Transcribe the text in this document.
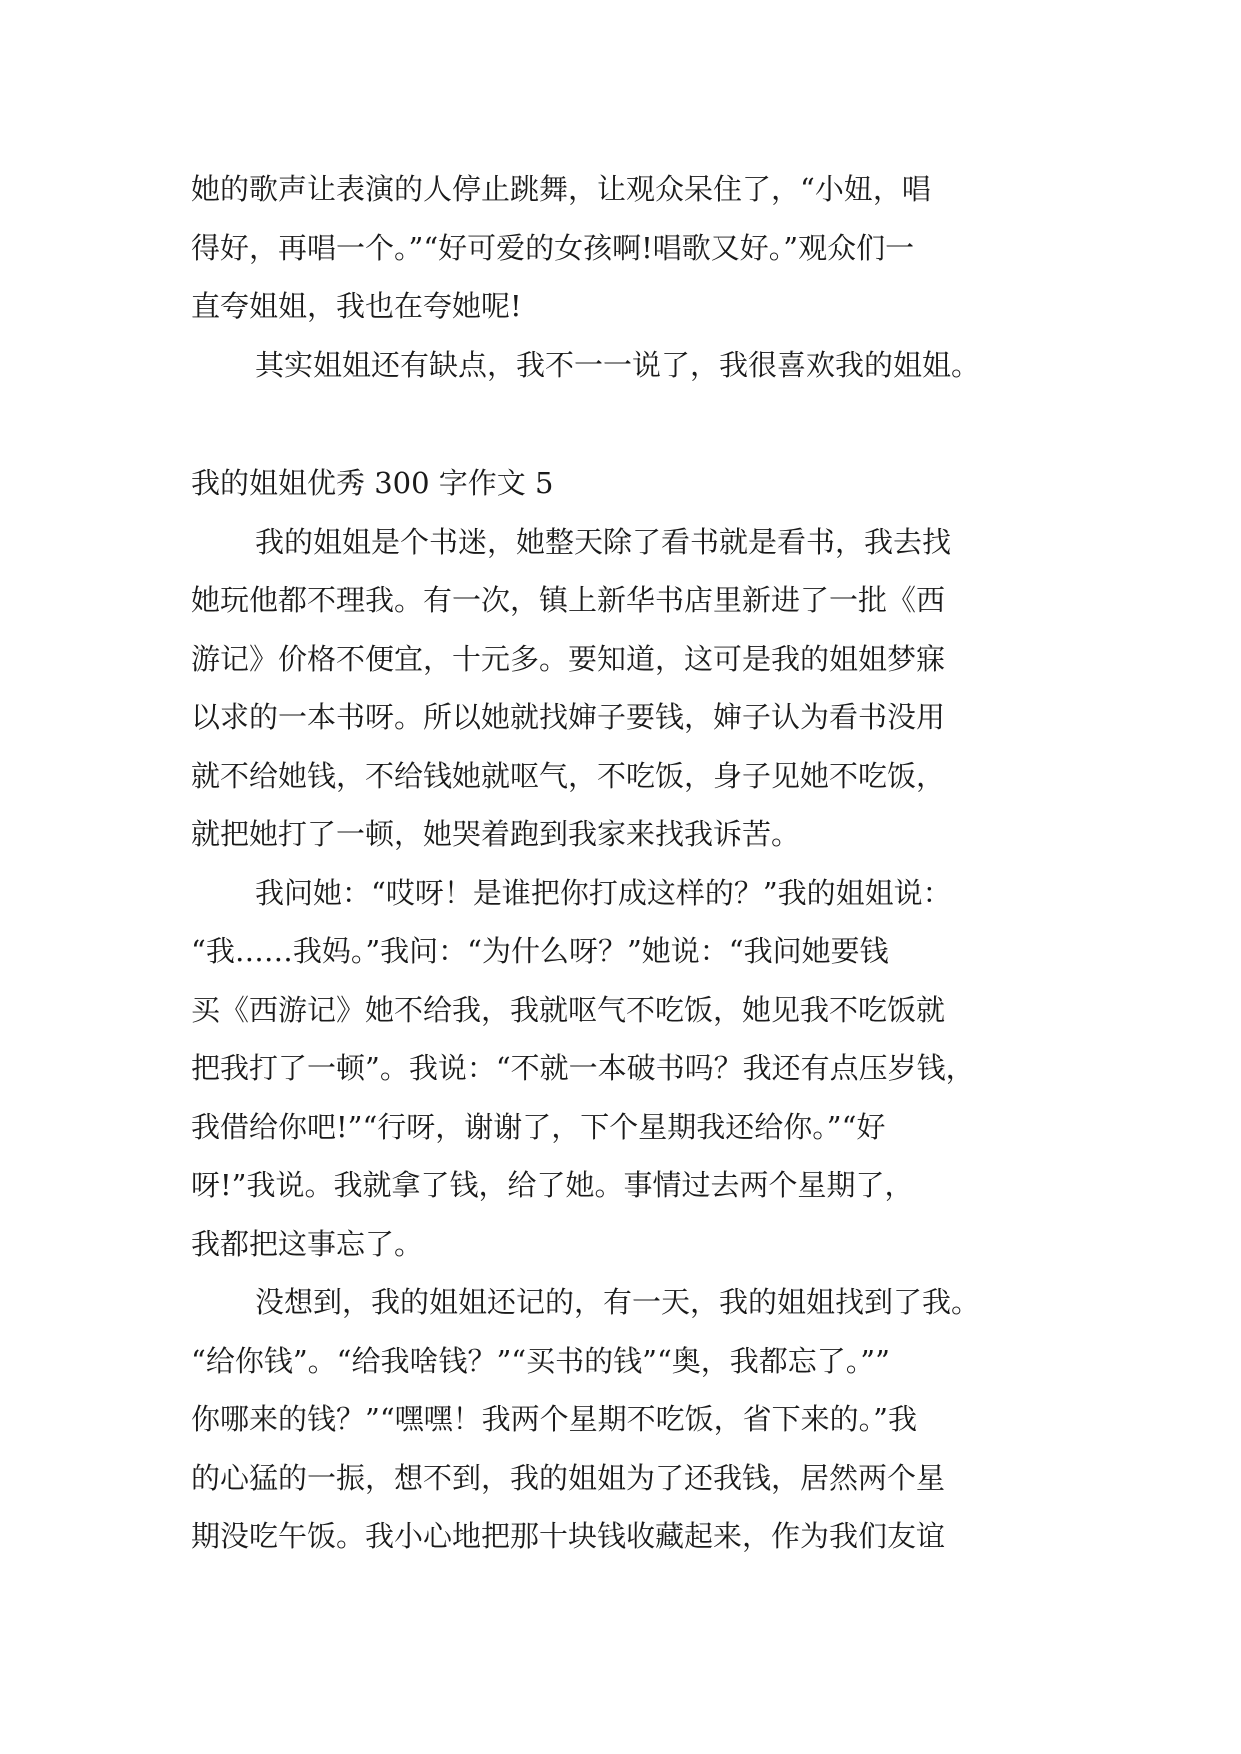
她的歌声让表演的人停止跳舞，让观众呆住了，“小妞，唱
得好，再唱一个。”“好可爱的女孩啊!唱歌又好。”观众们一
直夸姐姐，我也在夸她呢!
其实姐姐还有缺点，我不一一说了，我很喜欢我的姐姐。
我的姐姐优秀 300 字作文 5
我的姐姐是个书迷，她整天除了看书就是看书，我去找
她玩他都不理我。有一次，镇上新华书店里新进了一批《西
游记》价格不便宜，十元多。要知道，这可是我的姐姐梦寐
以求的一本书呀。所以她就找婶子要钱，婶子认为看书没用
就不给她钱，不给钱她就呕气，不吃饭，身子见她不吃饭，
就把她打了一顿，她哭着跑到我家来找我诉苦。
我问她：“哎呀！是谁把你打成这样的？”我的姐姐说：
“我……我妈。”我问：“为什么呀？”她说：“我问她要钱
买《西游记》她不给我，我就呕气不吃饭，她见我不吃饭就
把我打了一顿”。我说：“不就一本破书吗？我还有点压岁钱，
我借给你吧!”“行呀，谢谢了，下个星期我还给你。”“好
呀!”我说。我就拿了钱，给了她。事情过去两个星期了，
我都把这事忘了。
没想到，我的姐姐还记的，有一天，我的姐姐找到了我。
“给你钱”。“给我啥钱？”“买书的钱”“奥，我都忘了。””
你哪来的钱？”“嘿嘿！我两个星期不吃饭，省下来的。”我
的心猛的一振，想不到，我的姐姐为了还我钱，居然两个星
期没吃午饭。我小心地把那十块钱收藏起来，作为我们友谊
